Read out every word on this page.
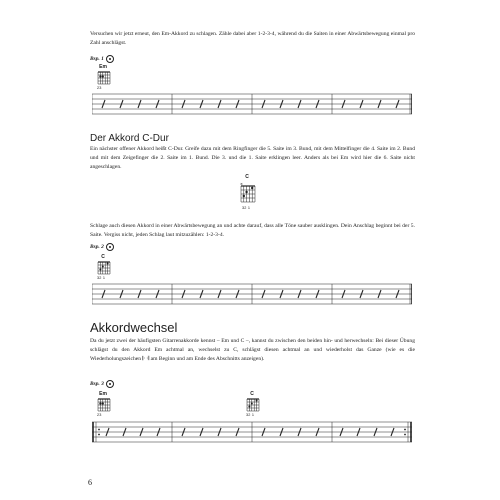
Versuchen wir jetzt erneut, den Em-Akkord zu schlagen. Zähle dabei aber 1-2-3-4, während du die Saiten in einer Abwärtsbewegung einmal pro Zahl anschlägst.

Bsp. 1
Em
23
Der Akkord C-Dur

Ein nächster offener Akkord heißt C-Dur. Greife dazu mit dem Ringfinger die 5. Saite im 3. Bund, mit dem Mittelfinger die 4. Saite im 2. Bund und mit dem Zeigefinger die 2. Saite im 1. Bund. Die 3. und die 1. Saite erklingen leer. Anders als bei Em wird hier die 6. Saite nicht angeschlagen.

C
×
32 1

Schlage auch diesen Akkord in einer Abwärtsbewegung an und achte darauf, dass alle Töne sauber ausklingen. Dein Anschlag beginnt bei der 5. Saite. Vergiss nicht, jeden Schlag laut mitzuzählen: 1-2-3-4.

Bsp. 2
C
32 1
Akkordwechsel

Da du jetzt zwei der häufigsten Gitarrenakkorde kennst – Em und C –, kannst du zwischen den beiden hin- und herwechseln: Bei dieser Übung schlägst du den Akkord Em achtmal an, wechselst zu C, schlägst diesen achtmal an und wiederholst das Ganze (wie es die Wiederholungszeichen 𝄆 𝄇 am Beginn und am Ende des Abschnitts anzeigen).

Bsp. 3
Em
23
C
32 1
6
